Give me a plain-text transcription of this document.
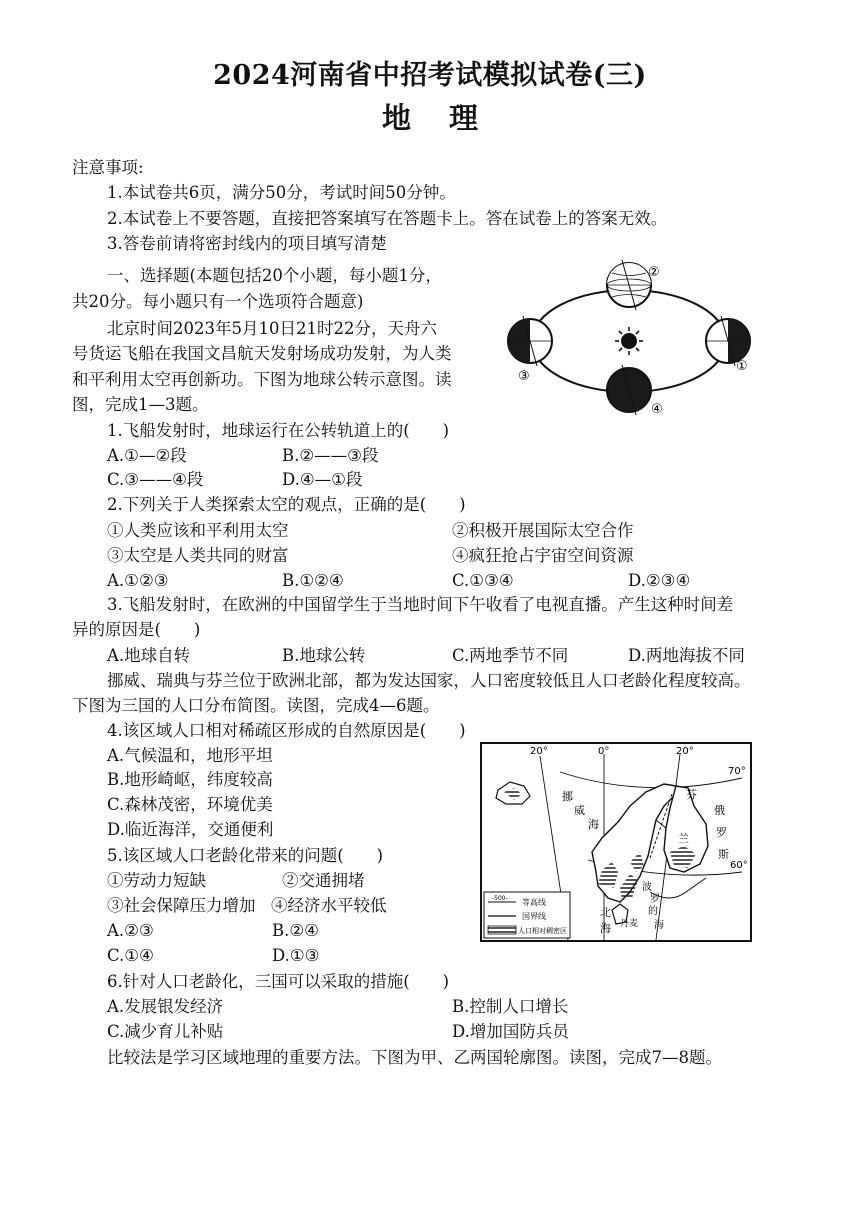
2024河南省中招考试模拟试卷(三)
地 理
注意事项:
1.本试卷共6页，满分50分，考试时间50分钟。
2.本试卷上不要答题，直接把答案填写在答题卡上。答在试卷上的答案无效。
3.答卷前请将密封线内的项目填写清楚
一、选择题(本题包括20个小题，每小题1分，
共20分。每小题只有一个选项符合题意)
北京时间2023年5月10日21时22分，天舟六
号货运飞船在我国文昌航天发射场成功发射，为人类
和平利用太空再创新功。下图为地球公转示意图。读
图，完成1—3题。
②
③
①
④
1.飞船发射时，地球运行在公转轨道上的(　　)
A.①—②段	B.②——③段
C.③——④段	D.④—①段
2.下列关于人类探索太空的观点，正确的是(　　)
①人类应该和平利用太空	②积极开展国际太空合作
③太空是人类共同的财富	④疯狂抢占宇宙空间资源
A.①②③	B.①②④	C.①③④	D.②③④
3.飞船发射时，在欧洲的中国留学生于当地时间下午收看了电视直播。产生这种时间差
异的原因是(　　)
A.地球自转	B.地球公转	C.两地季节不同	D.两地海拔不同
挪威、瑞典与芬兰位于欧洲北部，都为发达国家，人口密度较低且人口老龄化程度较高。
下图为三国的人口分布简图。读图，完成4—6题。
4.该区域人口相对稀疏区形成的自然原因是(　　)
A.气候温和，地形平坦
B.地形崎岖，纬度较高
C.森林茂密，环境优美
D.临近海洋，交通便利
5.该区域人口老龄化带来的问题(　　)
①劳动力短缺	②交通拥堵
③社会保障压力增加 ④经济水平较低
A.②③	B.②④
C.①④	D.①③
20°	0°	20°
70°
60°
挪
威
海
芬
俄
兰 罗
斯
北
海
波
罗
的
海
丹麦
-500- 等高线
国界线
人口相对稠密区
6.针对人口老龄化，三国可以采取的措施(　　)
A.发展银发经济	B.控制人口增长
C.减少育儿补贴	D.增加国防兵员
比较法是学习区域地理的重要方法。下图为甲、乙两国轮廓图。读图，完成7—8题。
